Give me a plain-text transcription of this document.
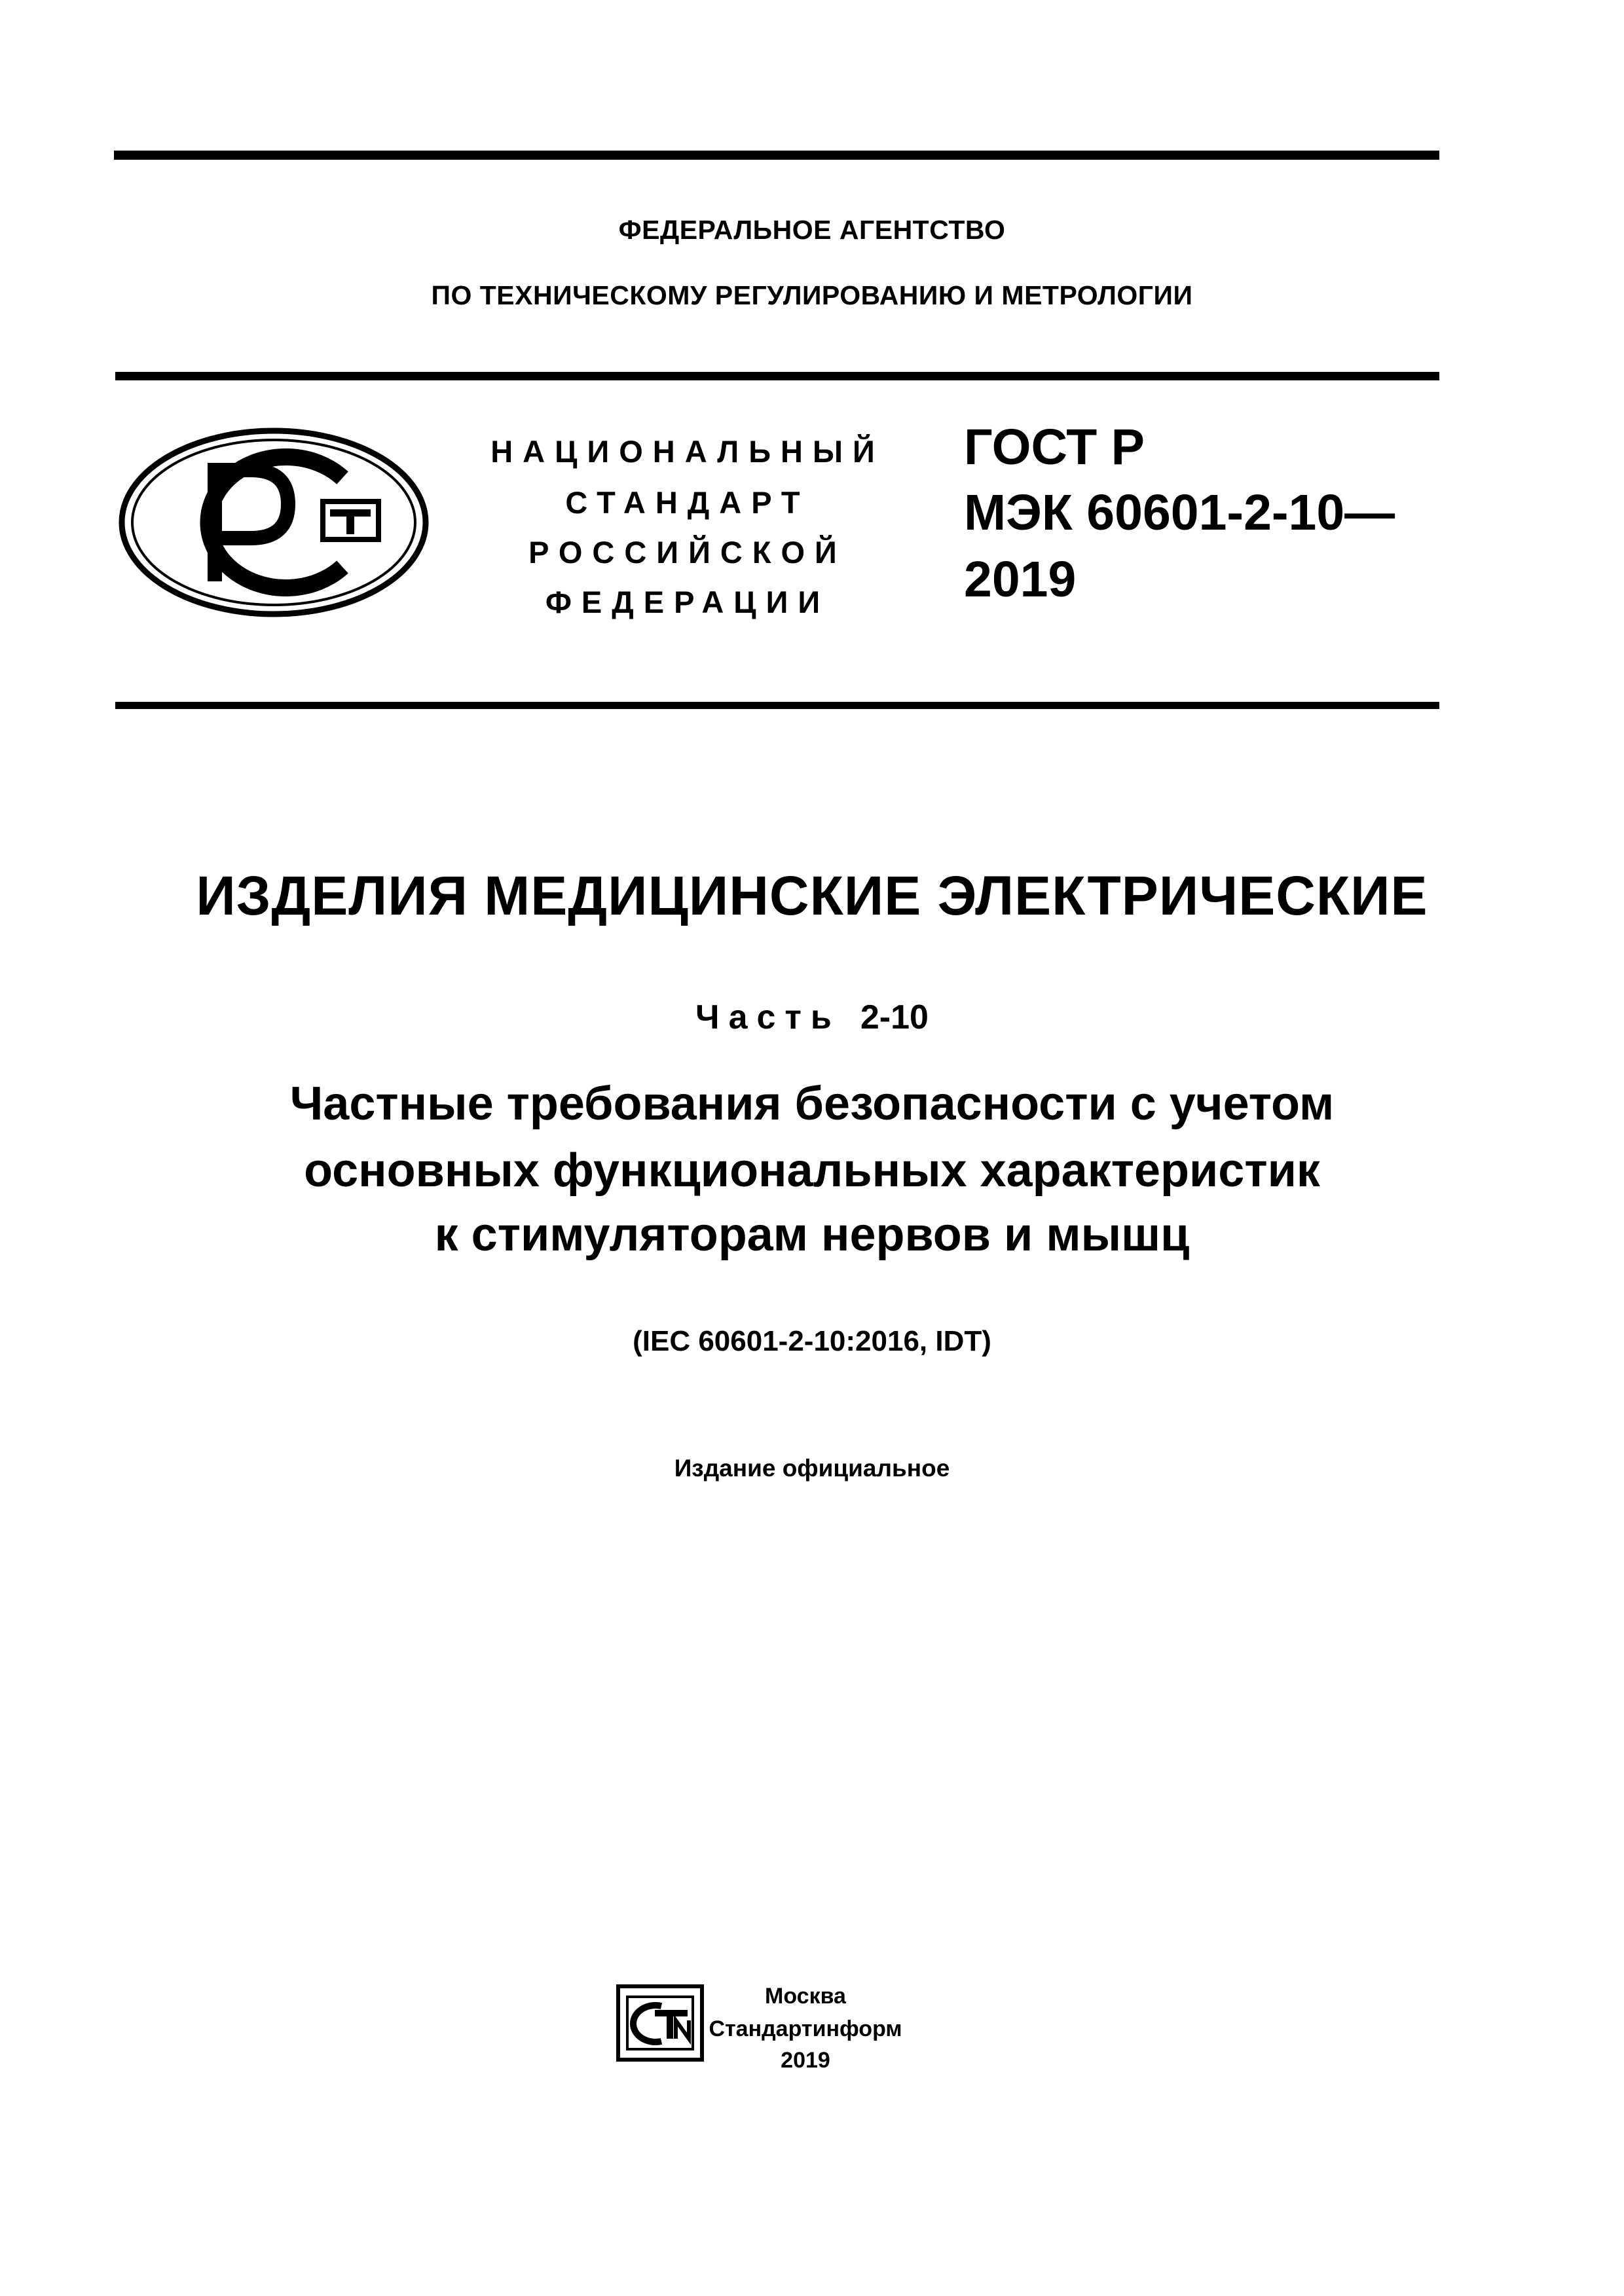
ФЕДЕРАЛЬНОЕ АГЕНТСТВО
ПО ТЕХНИЧЕСКОМУ РЕГУЛИРОВАНИЮ И МЕТРОЛОГИИ
НАЦИОНАЛЬНЫЙ
СТАНДАРТ
РОССИЙСКОЙ
ФЕДЕРАЦИИ
ГОСТ Р
МЭК 60601-2-10—
2019
ИЗДЕЛИЯ МЕДИЦИНСКИЕ ЭЛЕКТРИЧЕСКИЕ
Часть 2-10
Частные требования безопасности с учетом
основных функциональных характеристик
к стимуляторам нервов и мышц
(IEC 60601-2-10:2016, IDT)
Издание официальное
Москва
Стандартинформ
2019
